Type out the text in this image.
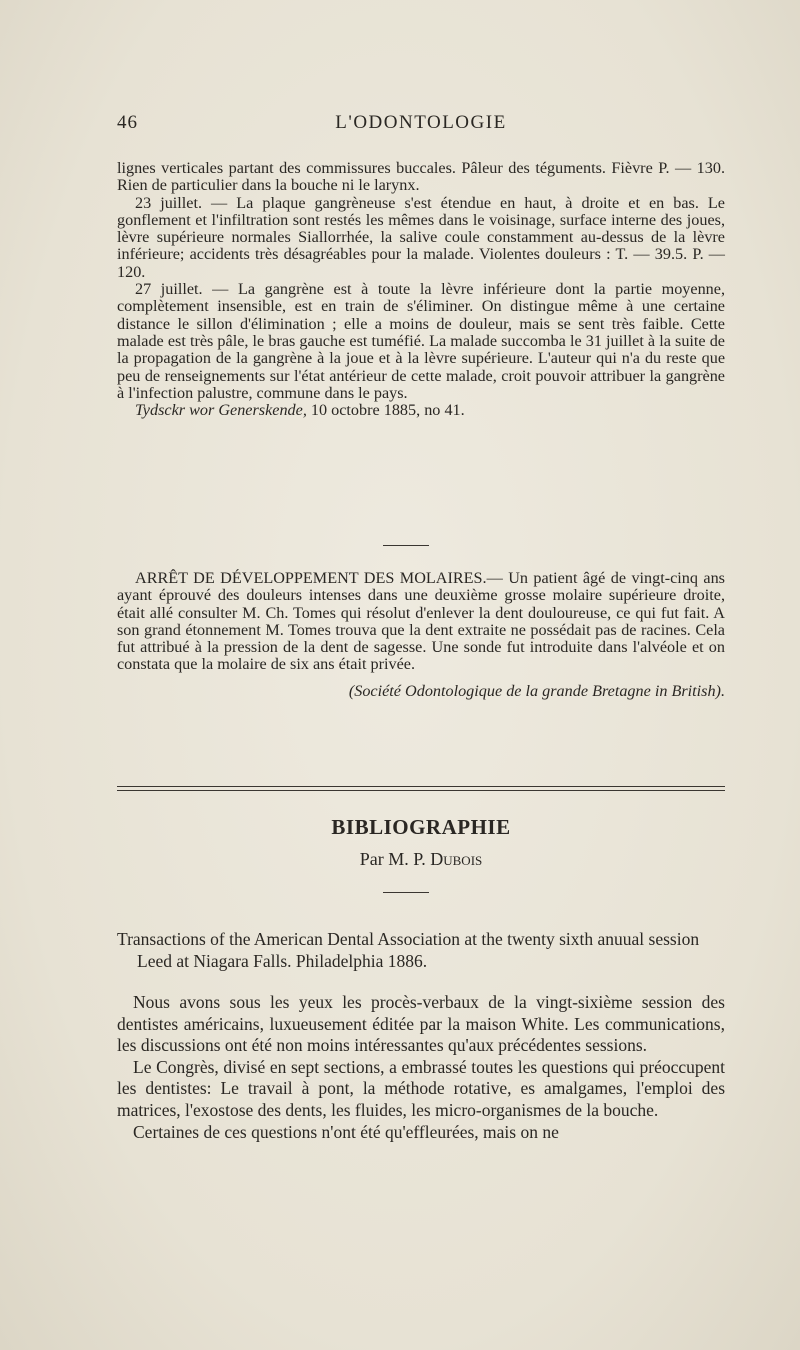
46	L'ODONTOLOGIE

lignes verticales partant des commissures buccales. Pâleur des téguments. Fièvre P. — 130. Rien de particulier dans la bouche ni le larynx.

23 juillet. — La plaque gangrèneuse s'est étendue en haut, à droite et en bas. Le gonflement et l'infiltration sont restés les mêmes dans le voisinage, surface interne des joues, lèvre supérieure normales Siallorrhée, la salive coule constamment au-dessus de la lèvre inférieure; accidents très désagréables pour la malade. Violentes douleurs : T. — 39.5. P. — 120.

27 juillet. — La gangrène est à toute la lèvre inférieure dont la partie moyenne, complètement insensible, est en train de s'éliminer. On distingue même à une certaine distance le sillon d'élimination ; elle a moins de douleur, mais se sent très faible. Cette malade est très pâle, le bras gauche est tuméfié. La malade succomba le 31 juillet à la suite de la propagation de la gangrène à la joue et à la lèvre supérieure. L'auteur qui n'a du reste que peu de renseignements sur l'état antérieur de cette malade, croit pouvoir attribuer la gangrène à l'infection palustre, commune dans le pays.

Tydsckr wor Generskende, 10 octobre 1885, no 41.

ARRÊT DE DÉVELOPPEMENT DES MOLAIRES.— Un patient âgé de vingt-cinq ans ayant éprouvé des douleurs intenses dans une deuxième grosse molaire supérieure droite, était allé consulter M. Ch. Tomes qui résolut d'enlever la dent douloureuse, ce qui fut fait. A son grand étonnement M. Tomes trouva que la dent extraite ne possédait pas de racines. Cela fut attribué à la pression de la dent de sagesse. Une sonde fut introduite dans l'alvéole et on constata que la molaire de six ans était privée.

(Société Odontologique de la grande Bretagne in British).

BIBLIOGRAPHIE
Par M. P. Dubois

Transactions of the American Dental Association at the twenty sixth anuual session Leed at Niagara Falls. Philadelphia 1886.

Nous avons sous les yeux les procès-verbaux de la vingt-sixième session des dentistes américains, luxueusement éditée par la maison White. Les communications, les discussions ont été non moins intéressantes qu'aux précédentes sessions.

Le Congrès, divisé en sept sections, a embrassé toutes les questions qui préoccupent les dentistes: Le travail à pont, la méthode rotative, es amalgames, l'emploi des matrices, l'exostose des dents, les fluides, les micro-organismes de la bouche.

Certaines de ces questions n'ont été qu'effleurées, mais on ne
